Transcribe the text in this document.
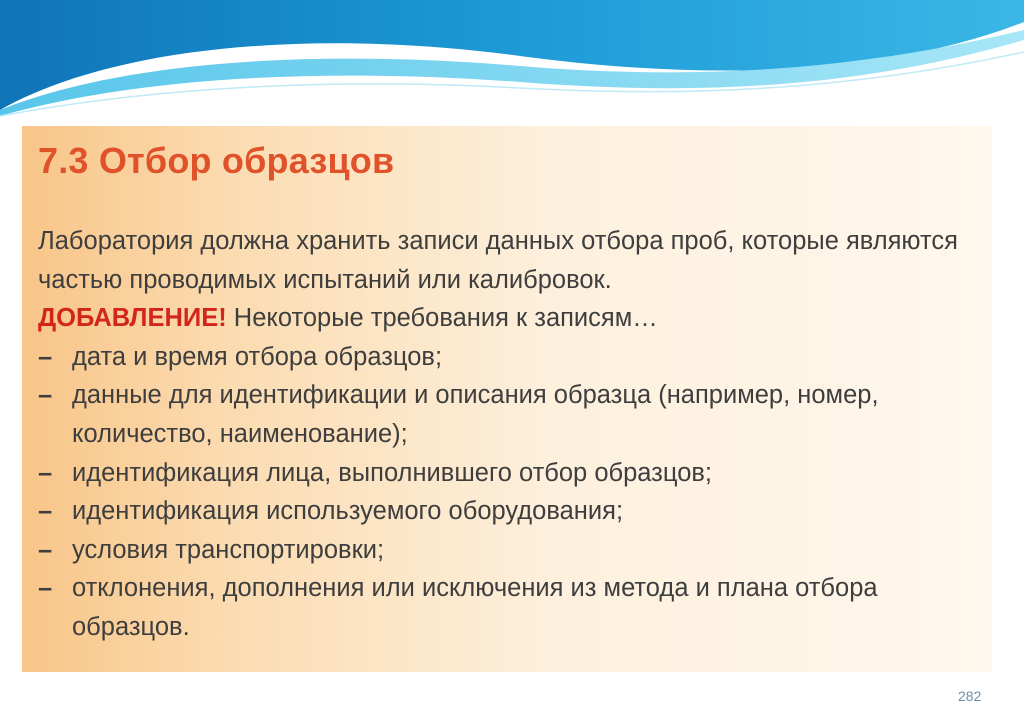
7.3 Отбор образцов

Лаборатория должна хранить записи данных отбора проб, которые являются частью проводимых испытаний или калибровок.

ДОБАВЛЕНИЕ! Некоторые требования к записям…

– дата и время отбора образцов;
– данные для идентификации и описания образца (например, номер, количество, наименование);
– идентификация лица, выполнившего отбор образцов;
– идентификация используемого оборудования;
– условия транспортировки;
– отклонения, дополнения или исключения из метода и плана отбора образцов.
282
